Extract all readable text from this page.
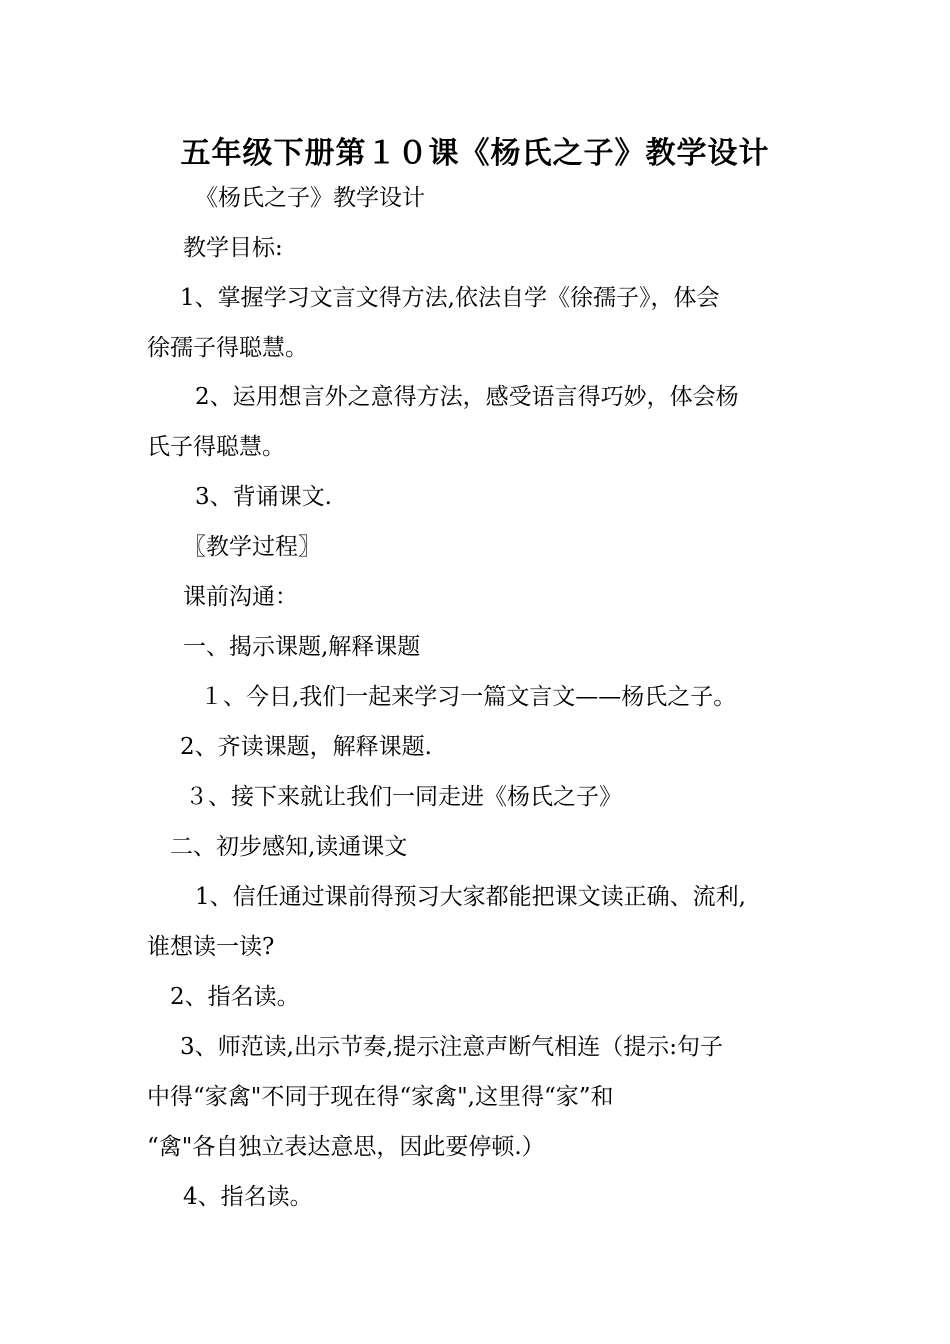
五年级下册第１０课《杨氏之子》教学设计

《杨氏之子》教学设计

教学目标:

1、掌握学习文言文得方法,依法自学《徐孺子》，体会

徐孺子得聪慧。

2、运用想言外之意得方法，感受语言得巧妙，体会杨

氏子得聪慧。

3、背诵课文.

〖教学过程〗

课前沟通：

一、揭示课题,解释课题

１、今日,我们一起来学习一篇文言文——杨氏之子。

2、齐读课题，解释课题.

３、接下来就让我们一同走进《杨氏之子》

二、初步感知,读通课文

1、信任通过课前得预习大家都能把课文读正确、流利,

谁想读一读?

2、指名读。

3、师范读,出示节奏,提示注意声断气相连（提示:句子

中得“家禽"不同于现在得“家禽",这里得“家”和

“禽"各自独立表达意思，因此要停顿.）

4、指名读。
